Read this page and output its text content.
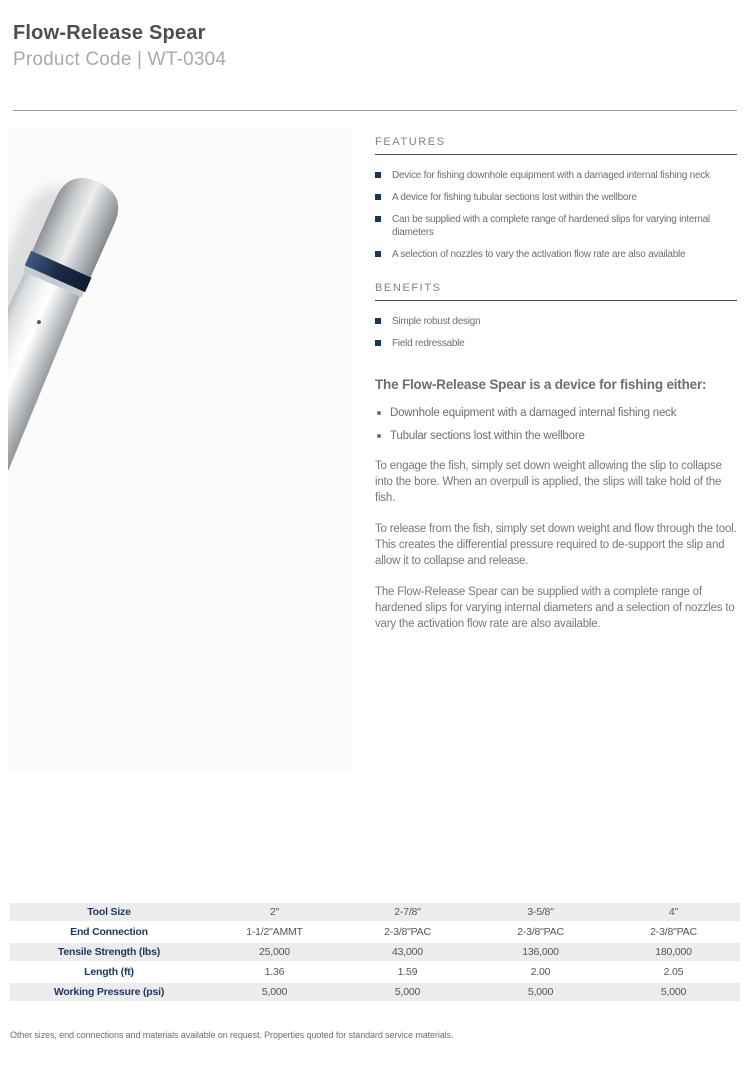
Flow-Release Spear
Product Code | WT-0304
FEATURES
Device for fishing downhole equipment with a damaged internal fishing neck
A device for fishing tubular sections lost within the wellbore
Can be supplied with a complete range of hardened slips for varying internal diameters
A selection of nozzles to vary the activation flow rate are also available
BENEFITS
Simple robust design
Field redressable
The Flow-Release Spear is a device for fishing either:
Downhole equipment with a damaged internal fishing neck
Tubular sections lost within the wellbore

To engage the fish, simply set down weight allowing the slip to collapse into the bore. When an overpull is applied, the slips will take hold of the fish.

To release from the fish, simply set down weight and flow through the tool. This creates the differential pressure required to de-support the slip and allow it to collapse and release.

The Flow-Release Spear can be supplied with a complete range of hardened slips for varying internal diameters and a selection of nozzles to vary the activation flow rate are also available.

Tool Size	2"	2-7/8"	3-5/8"	4"
End Connection	1-1/2"AMMT	2-3/8"PAC	2-3/8"PAC	2-3/8"PAC
Tensile Strength (lbs)	25,000	43,000	136,000	180,000
Length (ft)	1.36	1.59	2.00	2.05
Working Pressure (psi)	5,000	5,000	5,000	5,000
Other sizes, end connections and materials available on request. Properties quoted for standard service materials.
